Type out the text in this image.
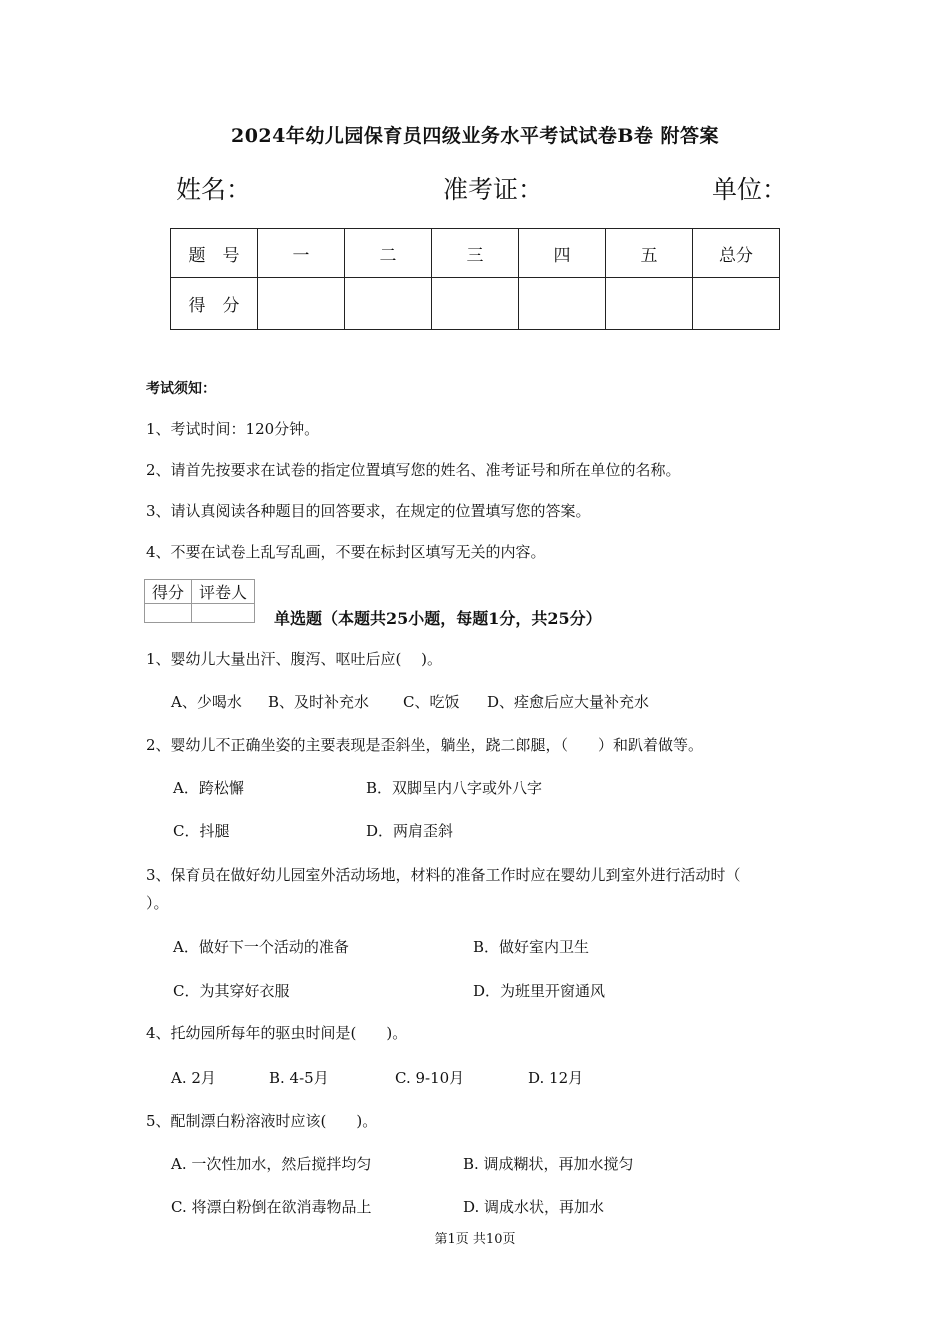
2024年幼儿园保育员四级业务水平考试试卷B卷 附答案
姓名：	准考证：	单位：
题　号	一	二	三	四	五	总分
得　分						
考试须知：
1、考试时间：120分钟。
2、请首先按要求在试卷的指定位置填写您的姓名、准考证号和所在单位的名称。
3、请认真阅读各种题目的回答要求，在规定的位置填写您的答案。
4、不要在试卷上乱写乱画，不要在标封区填写无关的内容。
得分	评卷人

单选题（本题共25小题，每题1分，共25分）
1、婴幼儿大量出汗、腹泻、呕吐后应(　 )。
A、少喝水 B、及时补充水 C、吃饭 D、痊愈后应大量补充水
2、婴幼儿不正确坐姿的主要表现是歪斜坐，躺坐，跷二郎腿，（　　）和趴着做等。
A．跨松懈	B．双脚呈内八字或外八字
C．抖腿	D．两肩歪斜
3、保育员在做好幼儿园室外活动场地，材料的准备工作时应在婴幼儿到室外进行活动时（
）。
A．做好下一个活动的准备	B．做好室内卫生
C．为其穿好衣服	D．为班里开窗通风
4、托幼园所每年的驱虫时间是(　　)。
A. 2月	B. 4-5月	C. 9-10月	D. 12月
5、配制漂白粉溶液时应该(　　)。
A. 一次性加水，然后搅拌均匀	B. 调成糊状，再加水搅匀
C. 将漂白粉倒在欲消毒物品上	D. 调成水状，再加水
第1页 共10页
